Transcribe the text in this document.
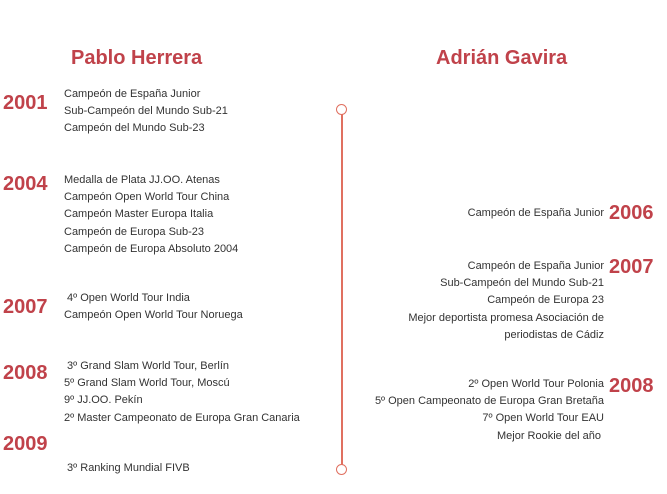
Pablo Herrera	Adrián Gavira
2001 Campeón de España Junior
Sub-Campeón del Mundo Sub-21
Campeón del Mundo Sub-23
2004 Medalla de Plata JJ.OO. Atenas
Campeón Open World Tour China
Campeón Master Europa Italia
Campeón de Europa Sub-23
Campeón de Europa Absoluto 2004
2007 4º Open World Tour India
Campeón Open World Tour Noruega
2008 3º Grand Slam World Tour, Berlín
5º Grand Slam World Tour, Moscú
9º JJ.OO. Pekín
2º Master Campeonato de Europa Gran Canaria
2009
3º Ranking Mundial FIVB
2006
Campeón de España Junior
2007
Campeón de España Junior
Sub-Campeón del Mundo Sub-21
Campeón de Europa 23
Mejor deportista promesa Asociación de
periodistas de Cádiz
2008
2º Open World Tour Polonia
5º Open Campeonato de Europa Gran Bretaña
7º Open World Tour EAU
Mejor Rookie del año
